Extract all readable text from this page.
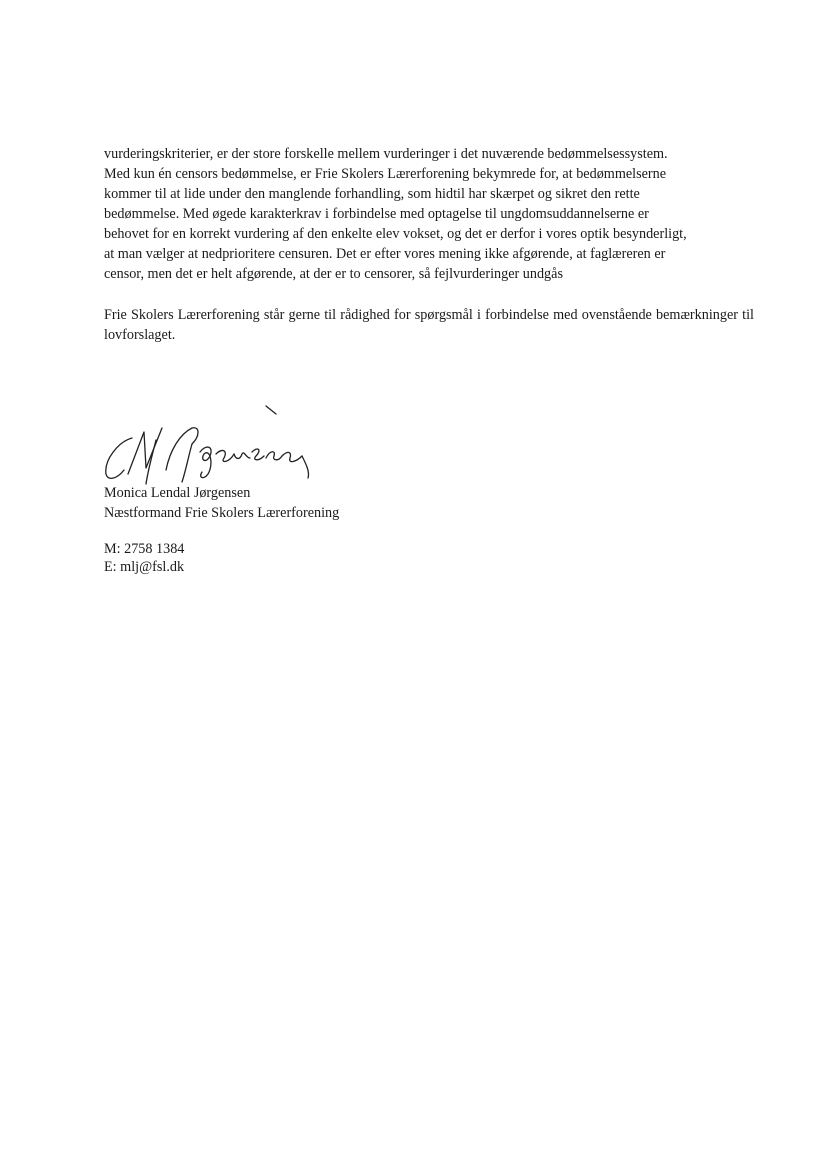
vurderingskriterier, er der store forskelle mellem vurderinger i det nuværende bedømmelsessystem.
Med kun én censors bedømmelse, er Frie Skolers Lærerforening bekymrede for, at bedømmelserne
kommer til at lide under den manglende forhandling, som hidtil har skærpet og sikret den rette
bedømmelse. Med øgede karakterkrav i forbindelse med optagelse til ungdomsuddannelserne er
behovet for en korrekt vurdering af den enkelte elev vokset, og det er derfor i vores optik besynderligt,
at man vælger at nedprioritere censuren. Det er efter vores mening ikke afgørende, at faglæreren er
censor, men det er helt afgørende, at der er to censorer, så fejlvurderinger undgås
Frie Skolers Lærerforening står gerne til rådighed for spørgsmål i forbindelse med ovenstående bemærkninger til lovforslaget.
Monica Lendal Jørgensen
Næstformand Frie Skolers Lærerforening
M: 2758 1384
E: mlj@fsl.dk
